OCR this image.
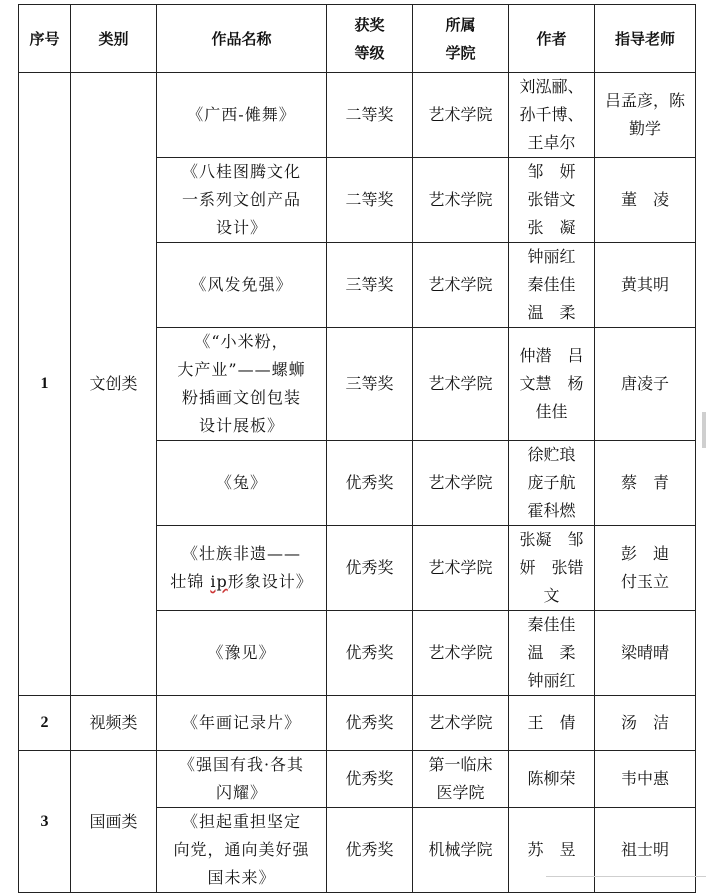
序号	类别	作品名称	获奖
等级	所属
学院	作者	指导老师
1	文创类	《广西-傩舞》	二等奖	艺术学院	刘泓郦、
孙千博、
王卓尔	吕孟彦，陈
勤学
		《八桂图腾文化
一系列文创产品
设计》	二等奖	艺术学院	邹　妍
张错文
张　凝	董　凌
		《风发免强》	三等奖	艺术学院	钟丽红
秦佳佳
温　柔	黄其明
		《“小米粉，
大产业”——螺蛳
粉插画文创包装
设计展板》	三等奖	艺术学院	仲潜　吕
文慧　杨
佳佳	唐凌子
		《兔》	优秀奖	艺术学院	徐贮琅
庞子航
霍科燃	蔡　青
		《壮族非遗——
壮锦 ip形象设计》	优秀奖	艺术学院	张凝　邹
妍　张错
文	彭　迪
付玉立
		《豫见》	优秀奖	艺术学院	秦佳佳
温　柔
钟丽红	梁晴晴
2	视频类	《年画记录片》	优秀奖	艺术学院	王　倩	汤　洁
3	国画类	《强国有我·各其
闪耀》	优秀奖	第一临床
医学院	陈柳荣	韦中惠
		《担起重担坚定
向党，通向美好强
国未来》	优秀奖	机械学院	苏　昱	祖士明
